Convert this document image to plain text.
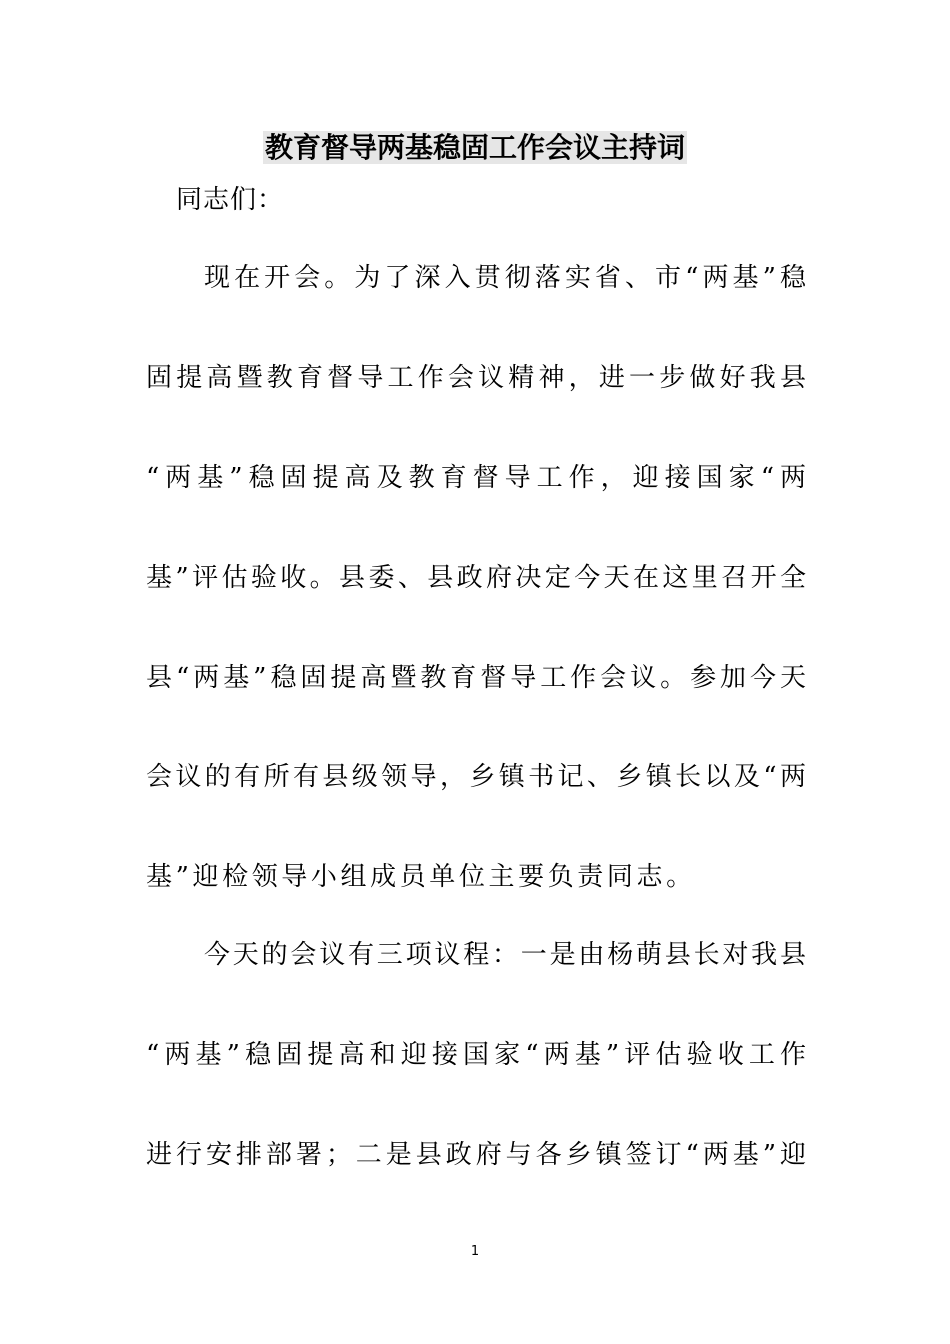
教育督导两基稳固工作会议主持词

同志们：

现在开会。为了深入贯彻落实省、市“两基”稳

固提高暨教育督导工作会议精神，进一步做好我县

“两基”稳固提高及教育督导工作，迎接国家“两

基”评估验收。县委、县政府决定今天在这里召开全

县“两基”稳固提高暨教育督导工作会议。参加今天

会议的有所有县级领导，乡镇书记、乡镇长以及“两

基”迎检领导小组成员单位主要负责同志。

今天的会议有三项议程：一是由杨萌县长对我县

“两基”稳固提高和迎接国家“两基”评估验收工作

进行安排部署；二是县政府与各乡镇签订“两基”迎

1
